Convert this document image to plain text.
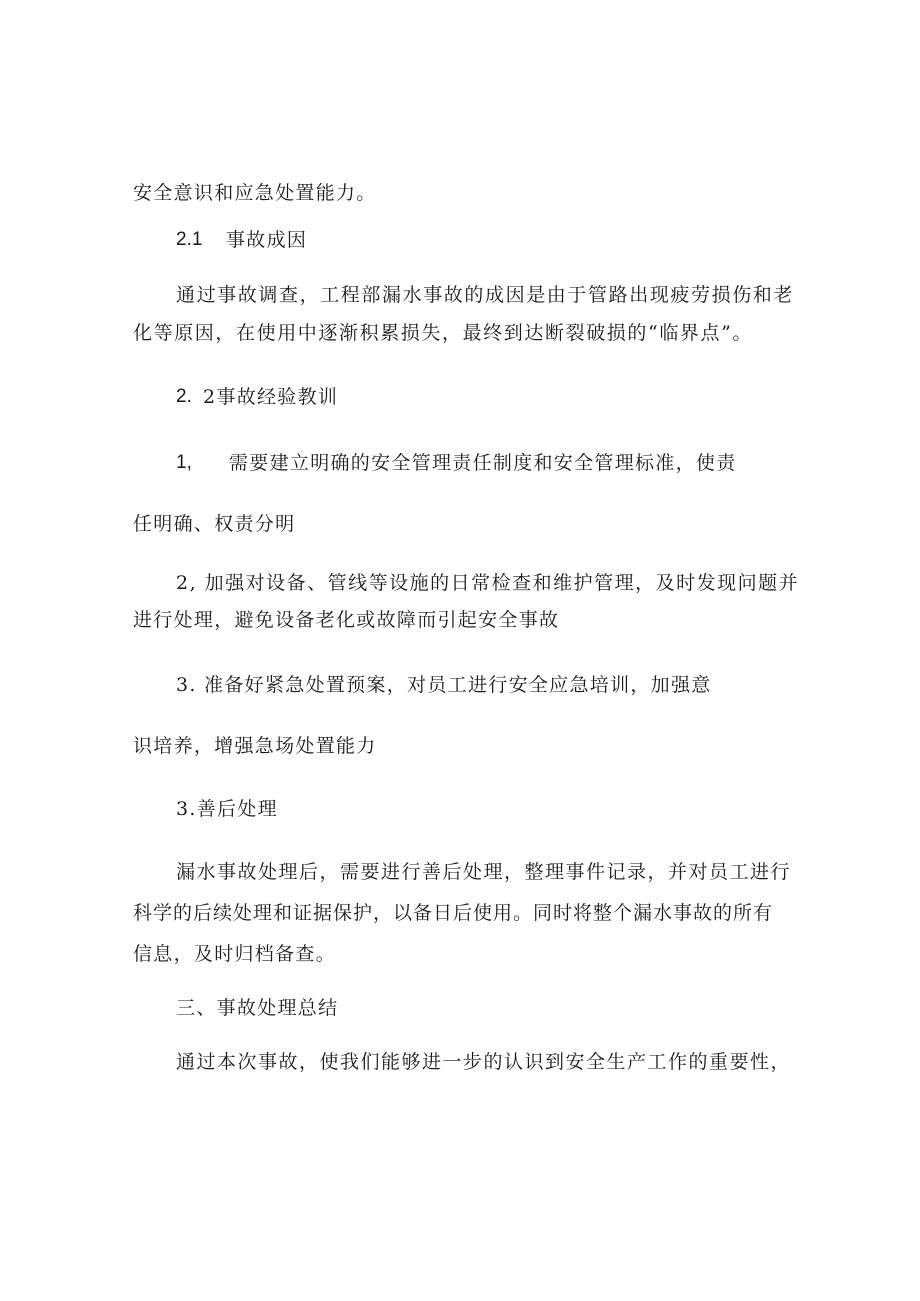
安全意识和应急处置能力。
2.1 事故成因
通过事故调查，工程部漏水事故的成因是由于管路出现疲劳损伤和老
化等原因，在使用中逐渐积累损失，最终到达断裂破损的“临界点”。
2. 2事故经验教训
1, 需要建立明确的安全管理责任制度和安全管理标准，使责
任明确、权责分明
2, 加强对设备、管线等设施的日常检查和维护管理，及时发现问题并
进行处理，避免设备老化或故障而引起安全事故
3. 准备好紧急处置预案，对员工进行安全应急培训，加强意
识培养，增强急场处置能力
3.善后处理
漏水事故处理后，需要进行善后处理，整理事件记录，并对员工进行
科学的后续处理和证据保护，以备日后使用。同时将整个漏水事故的所有
信息，及时归档备查。
三、事故处理总结
通过本次事故，使我们能够进一步的认识到安全生产工作的重要性，
